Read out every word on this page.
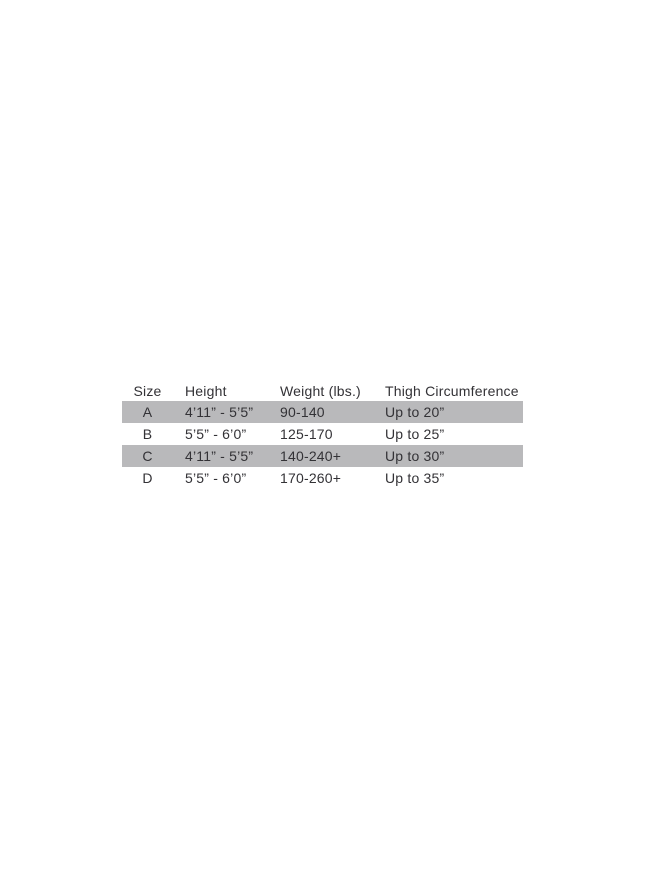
Size	Height	Weight (lbs.)	Thigh Circumference
A	4’11” - 5’5”	90-140	Up to 20”
B	5’5” - 6’0”	125-170	Up to 25”
C	4’11” - 5’5”	140-240+	Up to 30”
D	5’5” - 6’0”	170-260+	Up to 35”
